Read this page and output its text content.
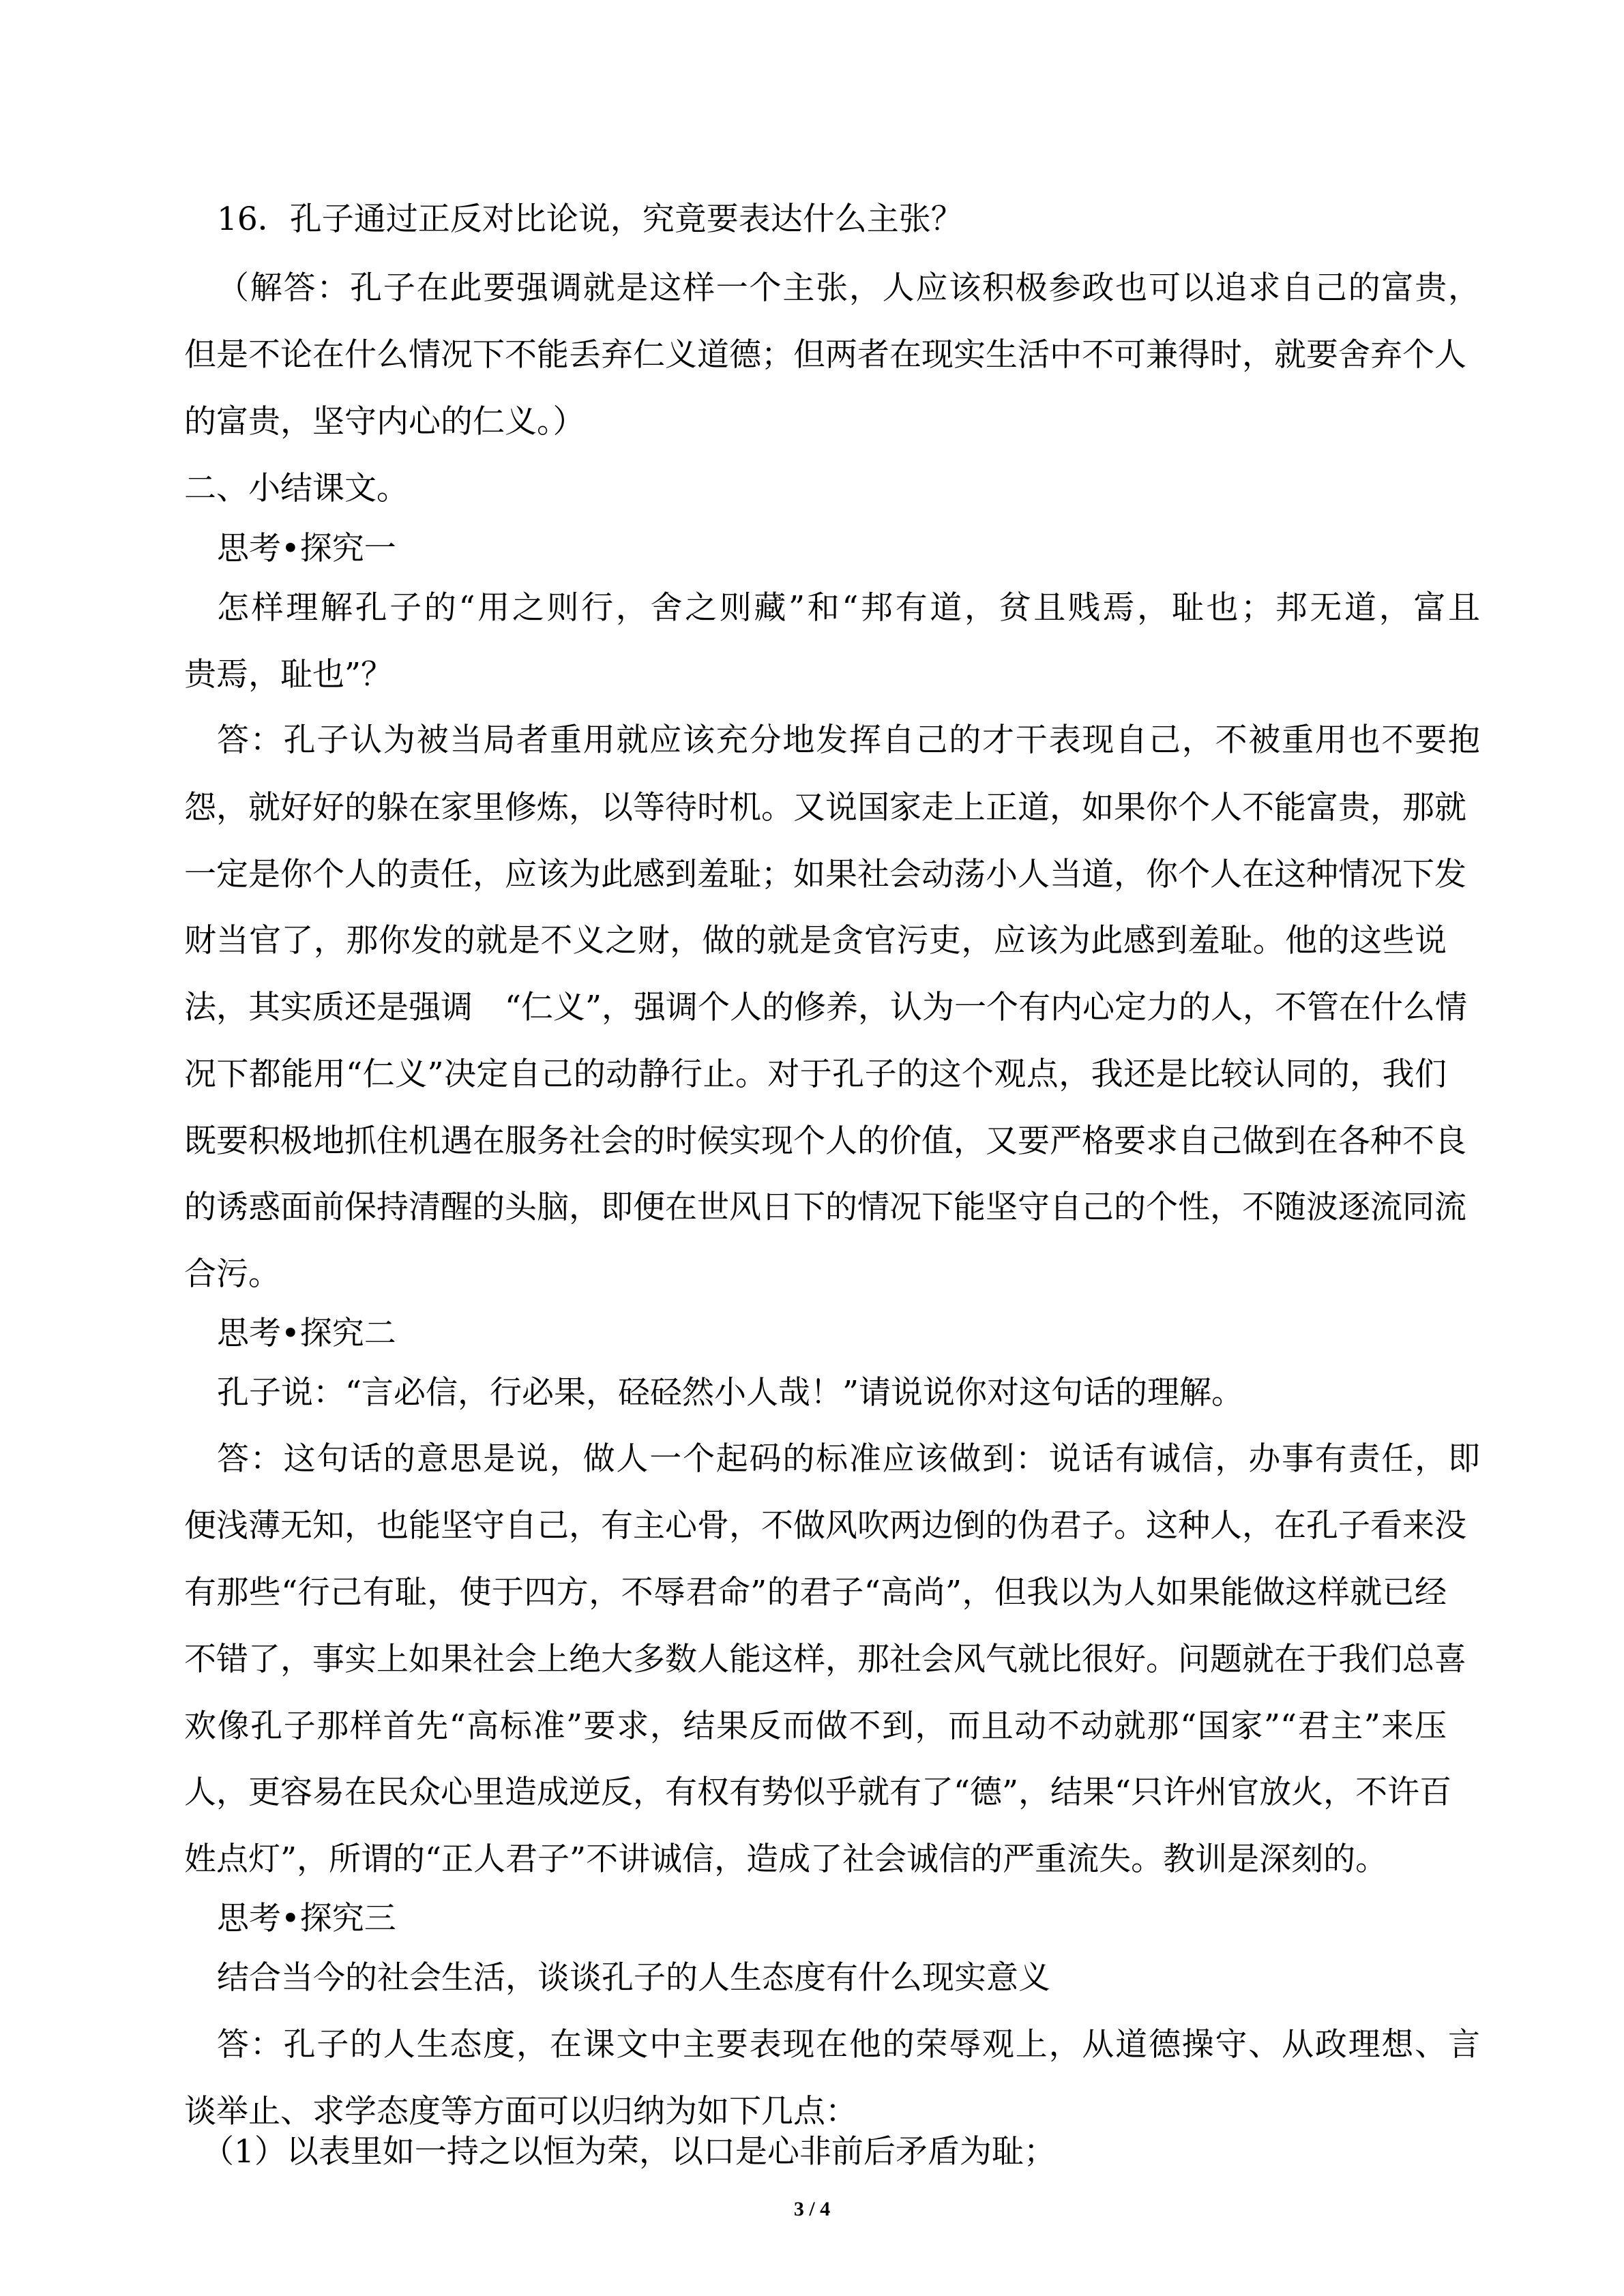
16．孔子通过正反对比论说，究竟要表达什么主张？
（解答：孔子在此要强调就是这样一个主张，人应该积极参政也可以追求自己的富贵，
但是不论在什么情况下不能丢弃仁义道德；但两者在现实生活中不可兼得时，就要舍弃个人
的富贵，坚守内心的仁义。）
二、小结课文。
思考•探究一
怎样理解孔子的“用之则行，舍之则藏”和“邦有道，贫且贱焉，耻也；邦无道，富且
贵焉，耻也”？
答：孔子认为被当局者重用就应该充分地发挥自己的才干表现自己，不被重用也不要抱
怨，就好好的躲在家里修炼，以等待时机。又说国家走上正道，如果你个人不能富贵，那就
一定是你个人的责任，应该为此感到羞耻；如果社会动荡小人当道，你个人在这种情况下发
财当官了，那你发的就是不义之财，做的就是贪官污吏，应该为此感到羞耻。他的这些说
法，其实质还是强调　“仁义”，强调个人的修养，认为一个有内心定力的人，不管在什么情
况下都能用“仁义”决定自己的动静行止。对于孔子的这个观点，我还是比较认同的，我们
既要积极地抓住机遇在服务社会的时候实现个人的价值，又要严格要求自己做到在各种不良
的诱惑面前保持清醒的头脑，即便在世风日下的情况下能坚守自己的个性，不随波逐流同流
合污。
思考•探究二
孔子说：“言必信，行必果，硁硁然小人哉！”请说说你对这句话的理解。
答：这句话的意思是说，做人一个起码的标准应该做到：说话有诚信，办事有责任，即
便浅薄无知，也能坚守自己，有主心骨，不做风吹两边倒的伪君子。这种人，在孔子看来没
有那些“行己有耻，使于四方，不辱君命”的君子“高尚”，但我以为人如果能做这样就已经
不错了，事实上如果社会上绝大多数人能这样，那社会风气就比很好。问题就在于我们总喜
欢像孔子那样首先“高标准”要求，结果反而做不到，而且动不动就那“国家”“君主”来压
人，更容易在民众心里造成逆反，有权有势似乎就有了“德”，结果“只许州官放火，不许百
姓点灯”，所谓的“正人君子”不讲诚信，造成了社会诚信的严重流失。教训是深刻的。
思考•探究三
结合当今的社会生活，谈谈孔子的人生态度有什么现实意义
答：孔子的人生态度，在课文中主要表现在他的荣辱观上，从道德操守、从政理想、言
谈举止、求学态度等方面可以归纳为如下几点：
（1）以表里如一持之以恒为荣，以口是心非前后矛盾为耻；
3 / 4
